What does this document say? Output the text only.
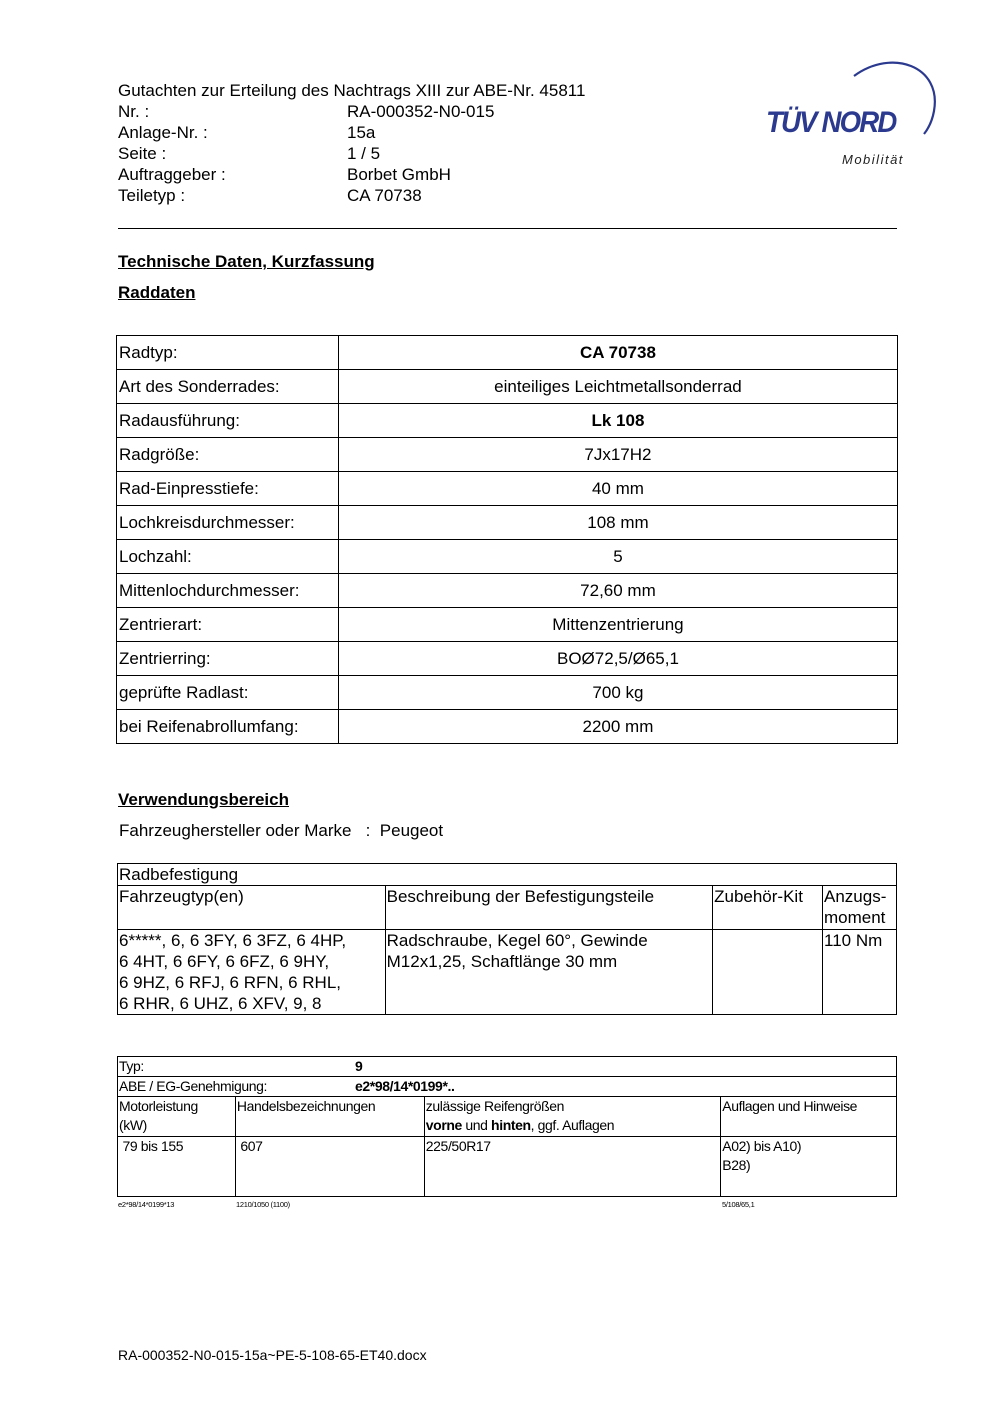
Gutachten zur Erteilung des Nachtrags XIII zur ABE-Nr. 45811
Nr. :	RA-000352-N0-015
Anlage-Nr. :	15a
Seite :	1 / 5
Auftraggeber :	Borbet GmbH
Teiletyp :	CA 70738
TÜV NORD
Mobilität
Technische Daten, Kurzfassung
Raddaten
Radtyp:	CA 70738
Art des Sonderrades:	einteiliges Leichtmetallsonderrad
Radausführung:	Lk 108
Radgröße:	7Jx17H2
Rad-Einpresstiefe:	40 mm
Lochkreisdurchmesser:	108 mm
Lochzahl:	5
Mittenlochdurchmesser:	72,60 mm
Zentrierart:	Mittenzentrierung
Zentrierring:	BOØ72,5/Ø65,1
geprüfte Radlast:	700 kg
bei Reifenabrollumfang:	2200 mm
Verwendungsbereich
Fahrzeughersteller oder Marke   :  Peugeot
Radbefestigung			
Fahrzeugtyp(en)	Beschreibung der Befestigungsteile	Zubehör-Kit	Anzugs-
moment
6*****, 6, 6 3FY, 6 3FZ, 6 4HP,
6 4HT, 6 6FY, 6 6FZ, 6 9HY,
6 9HZ, 6 RFJ, 6 RFN, 6 RHL,
6 RHR, 6 UHZ, 6 XFV, 9, 8	Radschraube, Kegel 60°, Gewinde
M12x1,25, Schaftlänge 30 mm		110 Nm
Typ: 9			

ABE / EG-Genehmigung: e2*98/14*0199*..			

Motorleistung
(kW)	Handelsbezeichnungen	zulässige Reifengrößen
vorne und hinten, ggf. Auflagen	Auflagen und Hinweise
79 bis 155	607	225/50R17	A02) bis A10)
B28)
e2*98/14*0199*13	1210/1050 (1100)	5/108/65,1
RA-000352-N0-015-15a~PE-5-108-65-ET40.docx
